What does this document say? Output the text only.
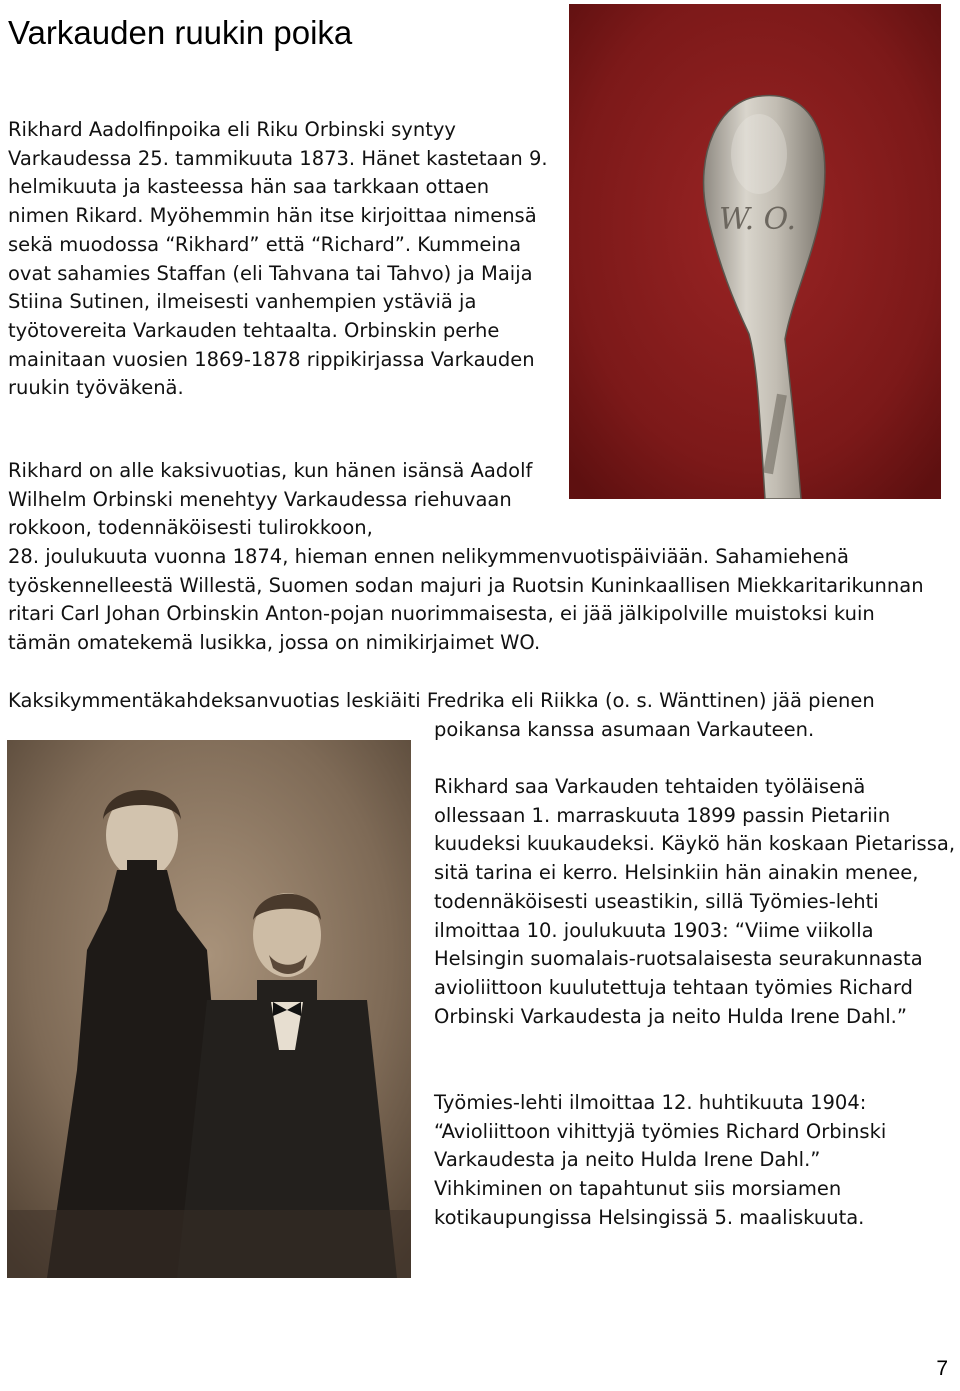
Varkauden ruukin poika

Rikhard Aadolfinpoika eli Riku Orbinski syntyy Varkaudessa 25. tammikuuta 1873. Hänet kastetaan 9. helmikuuta ja kasteessa hän saa tarkkaan ottaen nimen Rikard. Myöhemmin hän itse kirjoittaa nimensä sekä muodossa “Rikhard” että “Richard”. Kummeina ovat sahamies Staffan (eli Tahvana tai Tahvo) ja Maija Stiina Sutinen, ilmeisesti vanhempien ystäviä ja työtovereita Varkauden tehtaalta. Orbinskin perhe mainitaan vuosien 1869-1878 rippikirjassa Varkauden ruukin työväkenä.

W. O.

Rikhard on alle kaksivuotias, kun hänen isänsä Aadolf Wilhelm Orbinski menehtyy Varkaudessa riehuvaan rokkoon, todennäköisesti tulirokkoon,

28. joulukuuta vuonna 1874, hieman ennen nelikymmenvuotispäiviään. Sahamiehenä työskennelleestä Willestä, Suomen sodan majuri ja Ruotsin Kuninkaallisen Miekkaritarikunnan ritari Carl Johan Orbinskin Anton-pojan nuorimmaisesta, ei jää jälkipolville muistoksi kuin tämän omatekemä lusikka, jossa on nimikirjaimet WO.

Kaksikymmentäkahdeksanvuotias leskiäiti Fredrika eli Riikka (o. s. Wänttinen) jää pienen

poikansa kanssa asumaan Varkauteen.

Rikhard saa Varkauden tehtaiden työläisenä ollessaan 1. marraskuuta 1899 passin Pietariin kuudeksi kuukaudeksi. Käykö hän koskaan Pietarissa, sitä tarina ei kerro. Helsinkiin hän ainakin menee, todennäköisesti useastikin, sillä Työmies-lehti ilmoittaa 10. joulukuuta 1903: “Viime viikolla Helsingin suomalais-ruotsalaisesta seurakunnasta avioliittoon kuulutettuja tehtaan työmies Richard Orbinski Varkaudesta ja neito Hulda Irene Dahl.”

Työmies-lehti ilmoittaa 12. huhtikuuta 1904: “Avioliittoon vihittyjä työmies Richard Orbinski Varkaudesta ja neito Hulda Irene Dahl.” Vihkiminen on tapahtunut siis morsiamen kotikaupungissa Helsingissä 5. maaliskuuta.

7
